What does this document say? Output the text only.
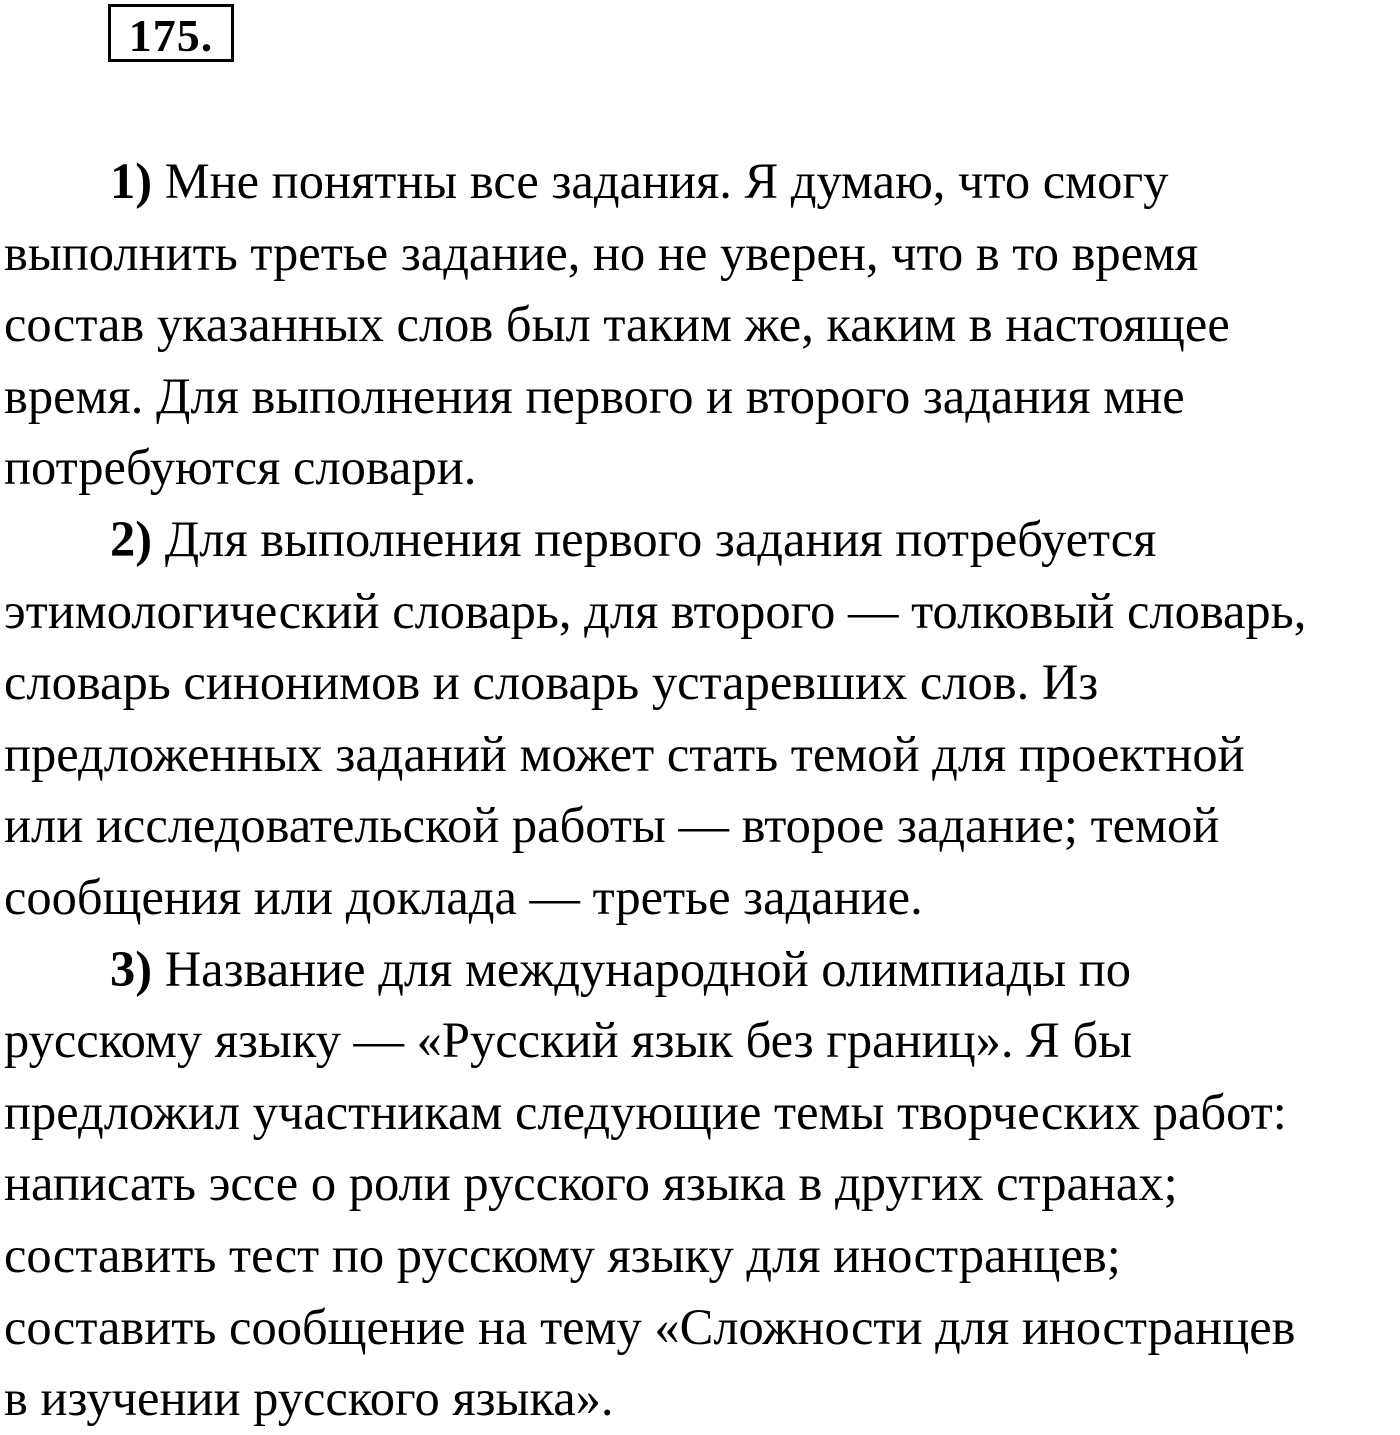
175.
1) Мне понятны все задания. Я думаю, что смогу
выполнить третье задание, но не уверен, что в то время
состав указанных слов был таким же, каким в настоящее
время. Для выполнения первого и второго задания мне
потребуются словари.
2) Для выполнения первого задания потребуется
этимологический словарь, для второго — толковый словарь,
словарь синонимов и словарь устаревших слов. Из
предложенных заданий может стать темой для проектной
или исследовательской работы — второе задание; темой
сообщения или доклада — третье задание.
3) Название для международной олимпиады по
русскому языку — «Русский язык без границ». Я бы
предложил участникам следующие темы творческих работ:
написать эссе о роли русского языка в других странах;
составить тест по русскому языку для иностранцев;
составить сообщение на тему «Сложности для иностранцев
в изучении русского языка».
